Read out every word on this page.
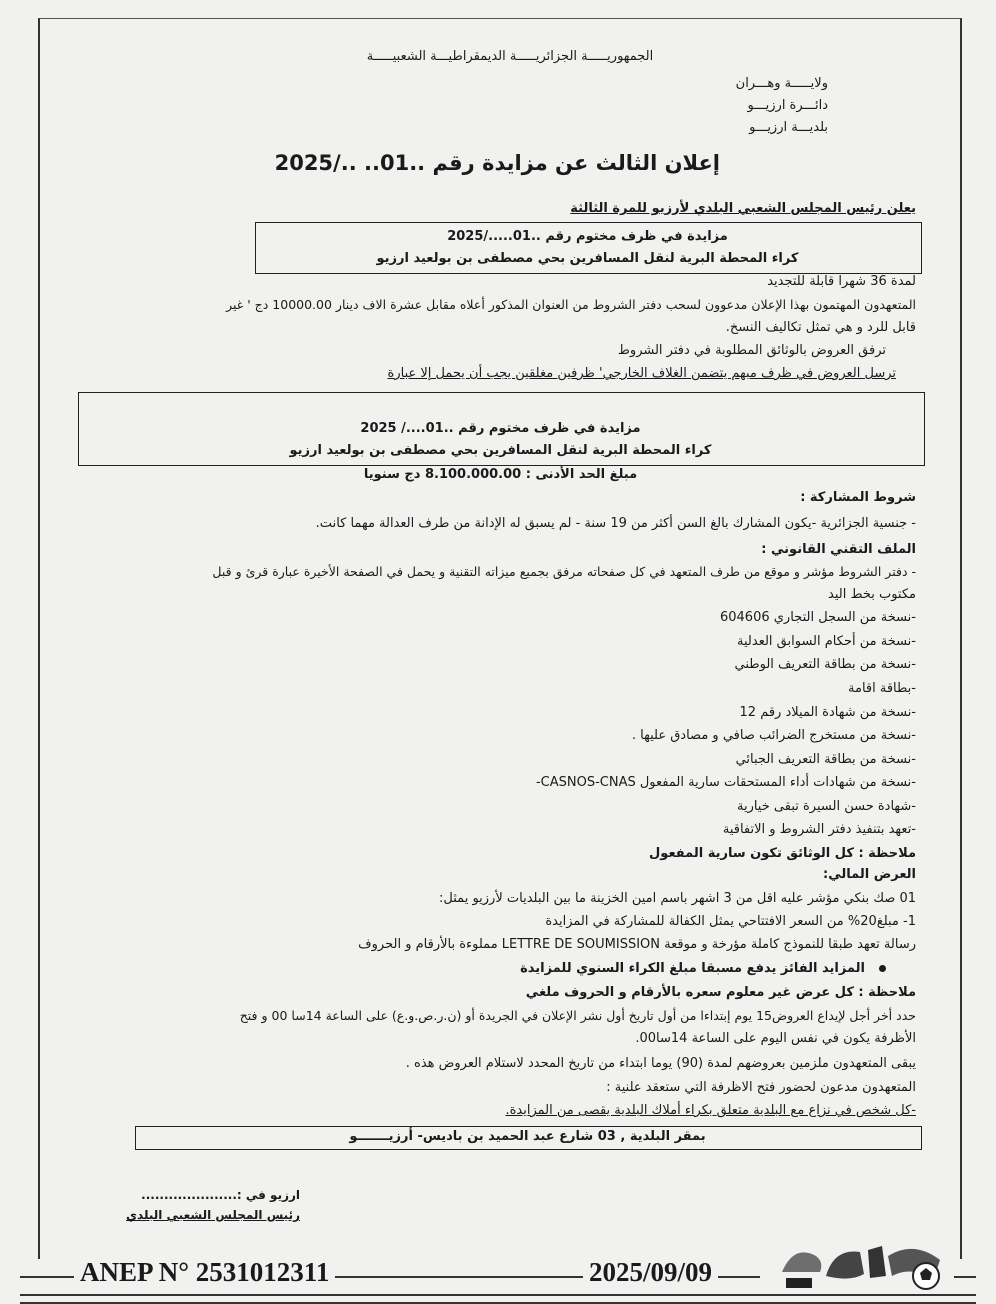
الجمهوريـــــة الجزائريـــــة الديمقراطيـــة الشعبيـــــة
ولايـــــة وهـــران
دائـــرة ارزيـــو
بلديـــة ارزيـــو
إعلان الثالث عن مزايدة رقم ..01.. ../2025
يعلن رئيس المجلس الشعبي البلدي لأرزيو للمرة الثالثة
مزايدة في ظرف مختوم رقم ..01...../2025
كراء المحطة البرية لنقل المسافرين بحي مصطفى بن بولعيد ارزيو
لمدة 36 شهرا قابلة للتجديد
المتعهدون المهتمون بهذا الإعلان مدعوون لسحب دفتر الشروط من العنوان المذكور أعلاه مقابل عشرة الاف دينار 10000.00 دج ' غير
قابل للرد و هي تمثل تكاليف النسخ.
ترفق العروض بالوثائق المطلوبة في دفتر الشروط
ترسل العروض في ظرف مبهم يتضمن الغلاف الخارجي' ظرفين مغلقين يجب أن يحمل إلا عبارة
مزايدة في ظرف مختوم رقم ..01..../ 2025
كراء المحطة البرية لنقل المسافرين بحي مصطفى بن بولعيد ارزيو
مبلغ الحد الأدنى : 8.100.000.00 دج سنويا
شروط المشاركة :
- جنسية الجزائرية -يكون المشارك بالغ السن أكثر من 19 سنة - لم يسبق له الإدانة من طرف العدالة مهما كانت.
الملف التقني القانوني :
- دفتر الشروط مؤشر و موقع من طرف المتعهد في كل صفحاته مرفق بجميع ميزاته التقنية و يحمل في الصفحة الأخيرة عبارة قرئ و قبل
مكتوب بخط اليد
-نسخة من السجل التجاري 604606
-نسخة من أحكام السوابق العدلية
-نسخة من بطاقة التعريف الوطني
-بطاقة اقامة
-نسخة من شهادة الميلاد رقم 12
-نسخة من مستخرج الضرائب صافي و مصادق عليها .
-نسخة من بطاقة التعريف الجبائي
-نسخة من شهادات أداء المستحقات سارية المفعول CASNOS-CNAS-
-شهادة حسن السيرة تبقى خيارية
-تعهد بتنفيذ دفتر الشروط و الاتفاقية
ملاحظة : كل الوثائق تكون سارية المفعول
العرض المالي:
01 صك بنكي مؤشر عليه اقل من 3 اشهر باسم امين الخزينة ما بين البلديات لأرزيو يمثل:
1- مبلغ20% من السعر الافتتاحي يمثل الكفالة للمشاركة في المزايدة
رسالة تعهد طبقا للنموذج كاملة مؤرخة و موقعة LETTRE DE SOUMISSION مملوءة بالأرقام و الحروف
المزايد الفائز يدفع مسبقا مبلغ الكراء السنوي للمزايدة
ملاحظة : كل عرض غير معلوم سعره بالأرقام و الحروف ملغي
حدد أخر أجل لإيداع العروض15 يوم إبتداءا من أول تاريخ أول نشر الإعلان في الجريدة أو (ن.ر.ص.و.ع) على الساعة 14سا 00 و فتح
الأظرفة يكون في نفس اليوم على الساعة 14سا00.
يبقى المتعهدون ملزمين بعروضهم لمدة (90) يوما ابتداء من تاريخ المحدد لاستلام العروض هذه .
المتعهدون مدعون لحضور فتح الاظرفة التي ستعقد علنية :
-كل شخص في نزاع مع البلدية متعلق بكراء أملاك البلدية يقصى من المزايدة.
بمقر البلدية , 03 شارع عبد الحميد بن باديس- أرزيـــــــو
ارزيو في :.....................
رئيس المجلس الشعبي البلدي
ANEP N° 2531012311	2025/09/09
